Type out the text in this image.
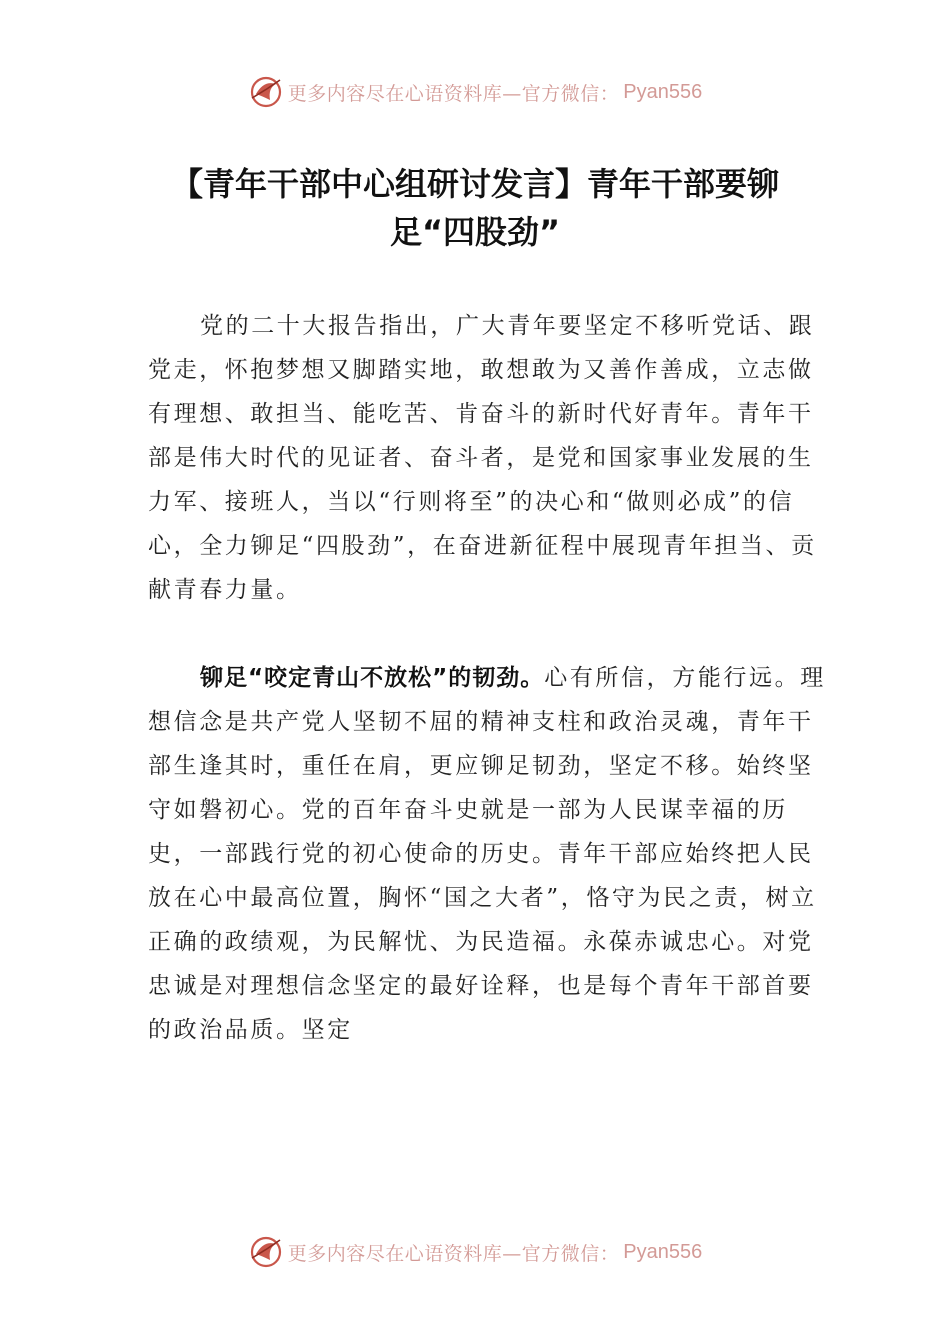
更多内容尽在心语资料库—官方微信： Pyan556
【青年干部中心组研讨发言】青年干部要铆足“四股劲”

党的二十大报告指出，广大青年要坚定不移听党话、跟党走，怀抱梦想又脚踏实地，敢想敢为又善作善成，立志做有理想、敢担当、能吃苦、肯奋斗的新时代好青年。青年干部是伟大时代的见证者、奋斗者，是党和国家事业发展的生力军、接班人，当以“行则将至”的决心和“做则必成”的信心，全力铆足“四股劲”，在奋进新征程中展现青年担当、贡献青春力量。

铆足“咬定青山不放松”的韧劲。心有所信，方能行远。理想信念是共产党人坚韧不屈的精神支柱和政治灵魂，青年干部生逢其时，重任在肩，更应铆足韧劲，坚定不移。始终坚守如磐初心。党的百年奋斗史就是一部为人民谋幸福的历史，一部践行党的初心使命的历史。青年干部应始终把人民放在心中最高位置，胸怀“国之大者”，恪守为民之责，树立正确的政绩观，为民解忧、为民造福。永葆赤诚忠心。对党忠诚是对理想信念坚定的最好诠释，也是每个青年干部首要的政治品质。坚定

更多内容尽在心语资料库—官方微信： Pyan556
